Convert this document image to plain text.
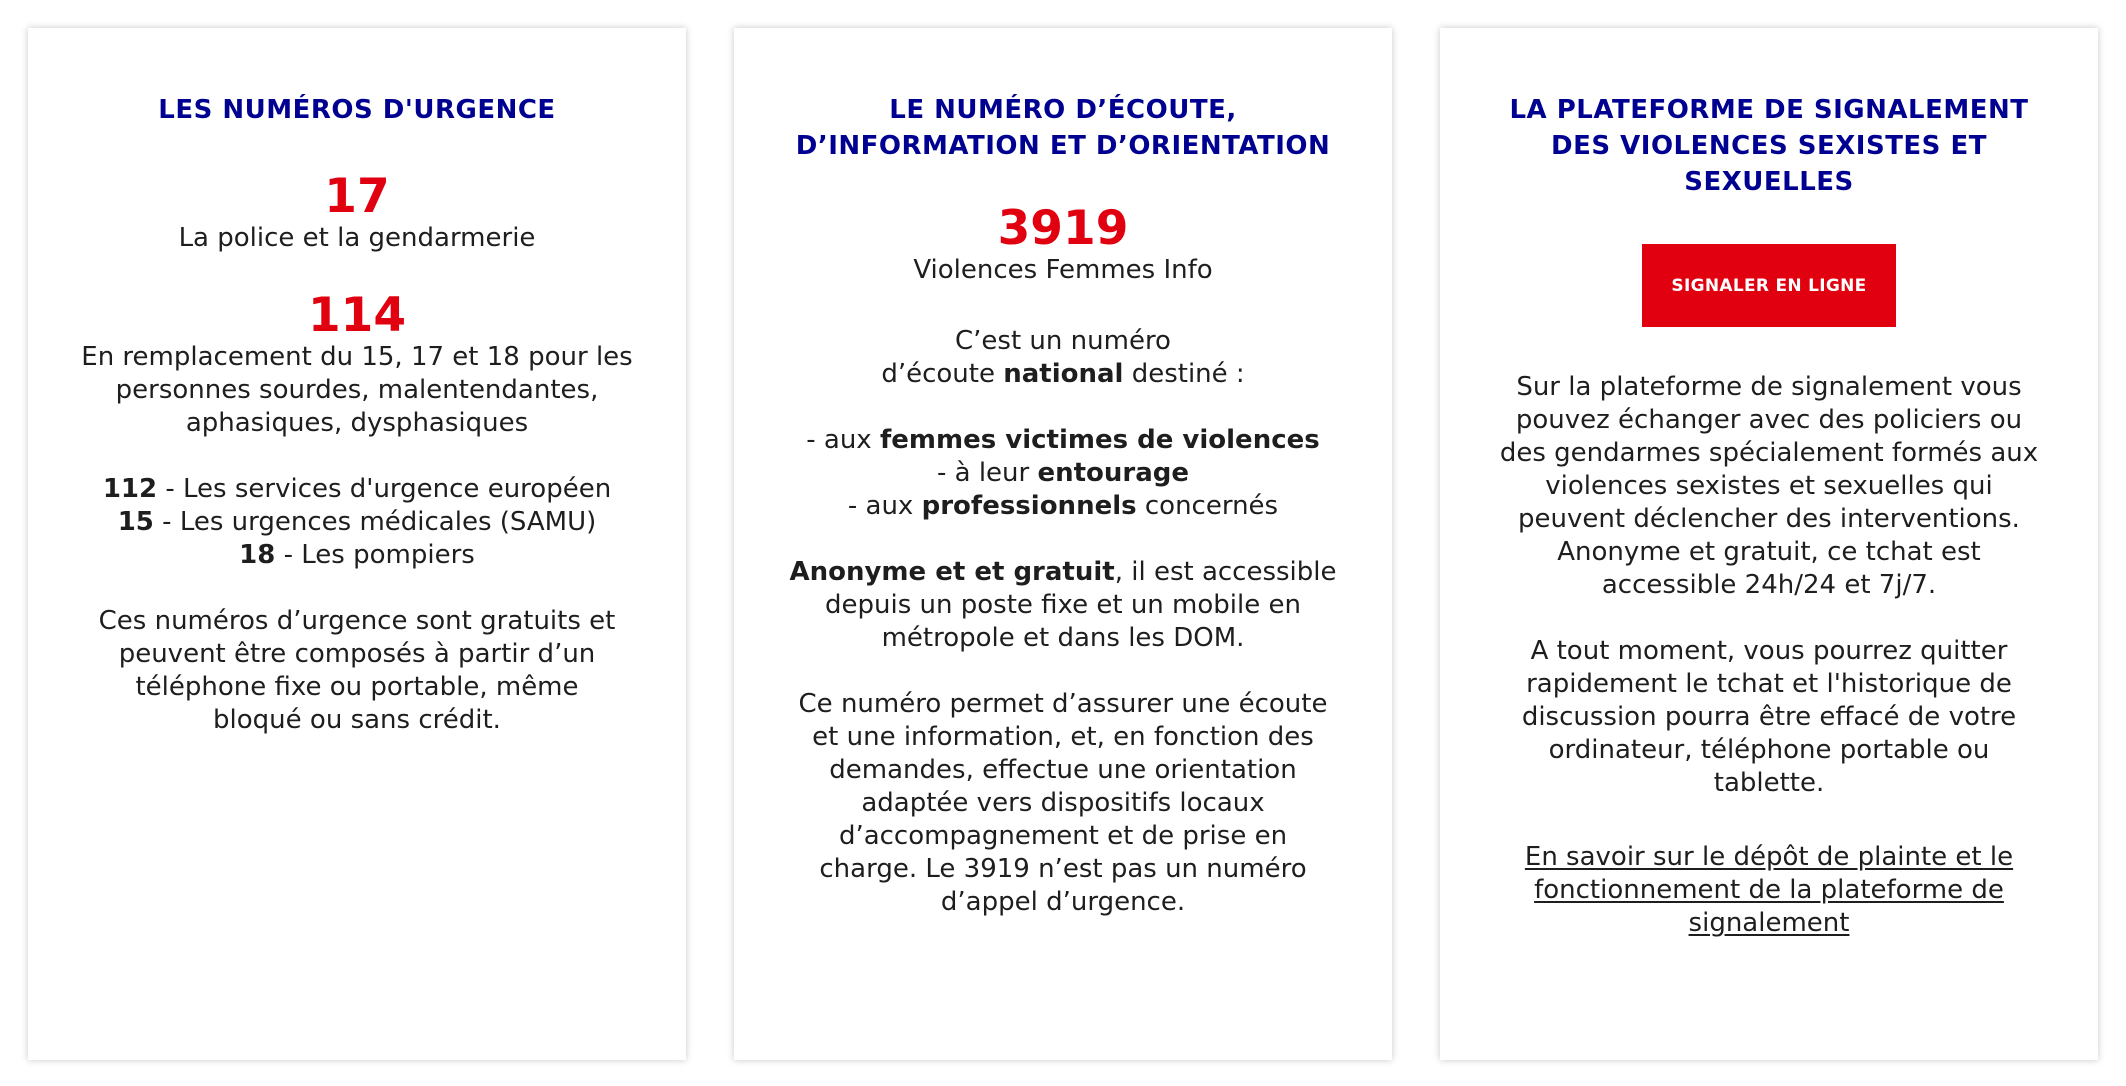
LES NUMÉROS D'URGENCE

17

La police et la gendarmerie

114

En remplacement du 15, 17 et 18 pour les
personnes sourdes, malentendantes,
aphasiques, dysphasiques

112 - Les services d'urgence européen
15 - Les urgences médicales (SAMU)
18 - Les pompiers

Ces numéros d’urgence sont gratuits et
peuvent être composés à partir d’un
téléphone fixe ou portable, même
bloqué ou sans crédit.

LE NUMÉRO D’ÉCOUTE,
D’INFORMATION ET D’ORIENTATION

3919

Violences Femmes Info

C’est un numéro
d’écoute national destiné :

- aux femmes victimes de violences
- à leur entourage
- aux professionnels concernés

Anonyme et et gratuit, il est accessible
depuis un poste fixe et un mobile en
métropole et dans les DOM.

Ce numéro permet d’assurer une écoute
et une information, et, en fonction des
demandes, effectue une orientation
adaptée vers dispositifs locaux
d’accompagnement et de prise en
charge. Le 3919 n’est pas un numéro
d’appel d’urgence.

LA PLATEFORME DE SIGNALEMENT
DES VIOLENCES SEXISTES ET
SEXUELLES
SIGNALER EN LIGNE

Sur la plateforme de signalement vous
pouvez échanger avec des policiers ou
des gendarmes spécialement formés aux
violences sexistes et sexuelles qui
peuvent déclencher des interventions.
Anonyme et gratuit, ce tchat est
accessible 24h/24 et 7j/7.

A tout moment, vous pourrez quitter
rapidement le tchat et l'historique de
discussion pourra être effacé de votre
ordinateur, téléphone portable ou
tablette.

En savoir sur le dépôt de plainte et le
fonctionnement de la plateforme de
signalement
